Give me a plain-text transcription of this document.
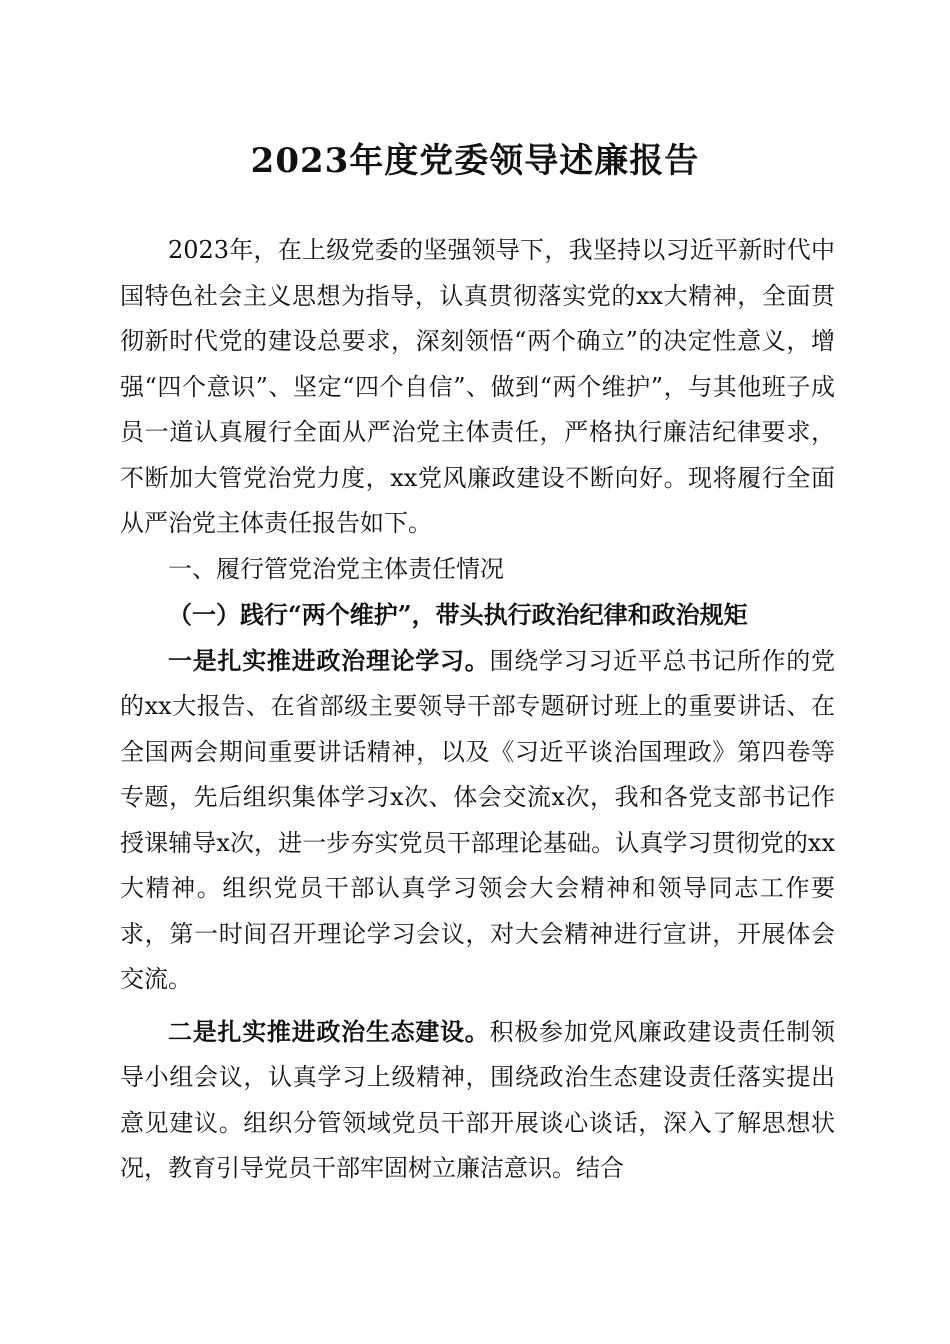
2023年度党委领导述廉报告

2023年，在上级党委的坚强领导下，我坚持以习近平新时代中国特色社会主义思想为指导，认真贯彻落实党的xx大精神，全面贯彻新时代党的建设总要求，深刻领悟“两个确立”的决定性意义，增强“四个意识”、坚定“四个自信”、做到“两个维护”，与其他班子成员一道认真履行全面从严治党主体责任，严格执行廉洁纪律要求，不断加大管党治党力度，xx党风廉政建设不断向好。现将履行全面从严治党主体责任报告如下。

一、履行管党治党主体责任情况

（一）践行“两个维护”，带头执行政治纪律和政治规矩

一是扎实推进政治理论学习。围绕学习习近平总书记所作的党的xx大报告、在省部级主要领导干部专题研讨班上的重要讲话、在全国两会期间重要讲话精神，以及《习近平谈治国理政》第四卷等专题，先后组织集体学习x次、体会交流x次，我和各党支部书记作授课辅导x次，进一步夯实党员干部理论基础。认真学习贯彻党的xx大精神。组织党员干部认真学习领会大会精神和领导同志工作要求，第一时间召开理论学习会议，对大会精神进行宣讲，开展体会交流。

二是扎实推进政治生态建设。积极参加党风廉政建设责任制领导小组会议，认真学习上级精神，围绕政治生态建设责任落实提出意见建议。组织分管领域党员干部开展谈心谈话，深入了解思想状况，教育引导党员干部牢固树立廉洁意识。结合
